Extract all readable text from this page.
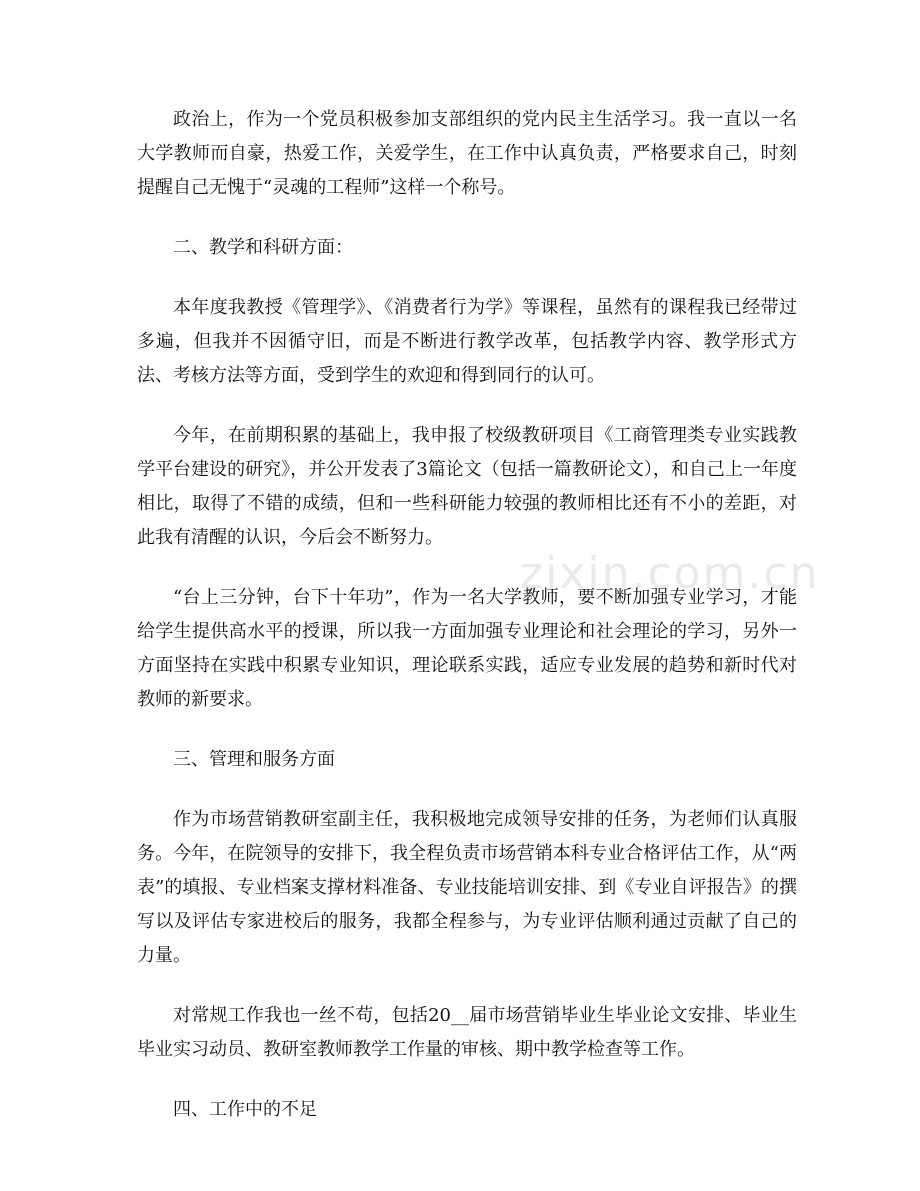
政治上，作为一个党员积极参加支部组织的党内民主生活学习。我一直以一名大学教师而自豪，热爱工作，关爱学生，在工作中认真负责，严格要求自己，时刻提醒自己无愧于“灵魂的工程师”这样一个称号。

二、教学和科研方面：

本年度我教授《管理学》、《消费者行为学》等课程，虽然有的课程我已经带过多遍，但我并不因循守旧，而是不断进行教学改革，包括教学内容、教学形式方法、考核方法等方面，受到学生的欢迎和得到同行的认可。

今年，在前期积累的基础上，我申报了校级教研项目《工商管理类专业实践教学平台建设的研究》，并公开发表了3篇论文（包括一篇教研论文），和自己上一年度相比，取得了不错的成绩，但和一些科研能力较强的教师相比还有不小的差距，对此我有清醒的认识，今后会不断努力。

“台上三分钟，台下十年功”，作为一名大学教师，要不断加强专业学习，才能给学生提供高水平的授课，所以我一方面加强专业理论和社会理论的学习，另外一方面坚持在实践中积累专业知识，理论联系实践，适应专业发展的趋势和新时代对教师的新要求。

三、管理和服务方面

作为市场营销教研室副主任，我积极地完成领导安排的任务，为老师们认真服务。今年，在院领导的安排下，我全程负责市场营销本科专业合格评估工作，从“两表”的填报、专业档案支撑材料准备、专业技能培训安排、到《专业自评报告》的撰写以及评估专家进校后的服务，我都全程参与，为专业评估顺利通过贡献了自己的力量。

对常规工作我也一丝不苟，包括20__届市场营销毕业生毕业论文安排、毕业生毕业实习动员、教研室教师教学工作量的审核、期中教学检查等工作。

四、工作中的不足

zixin.com.cn
